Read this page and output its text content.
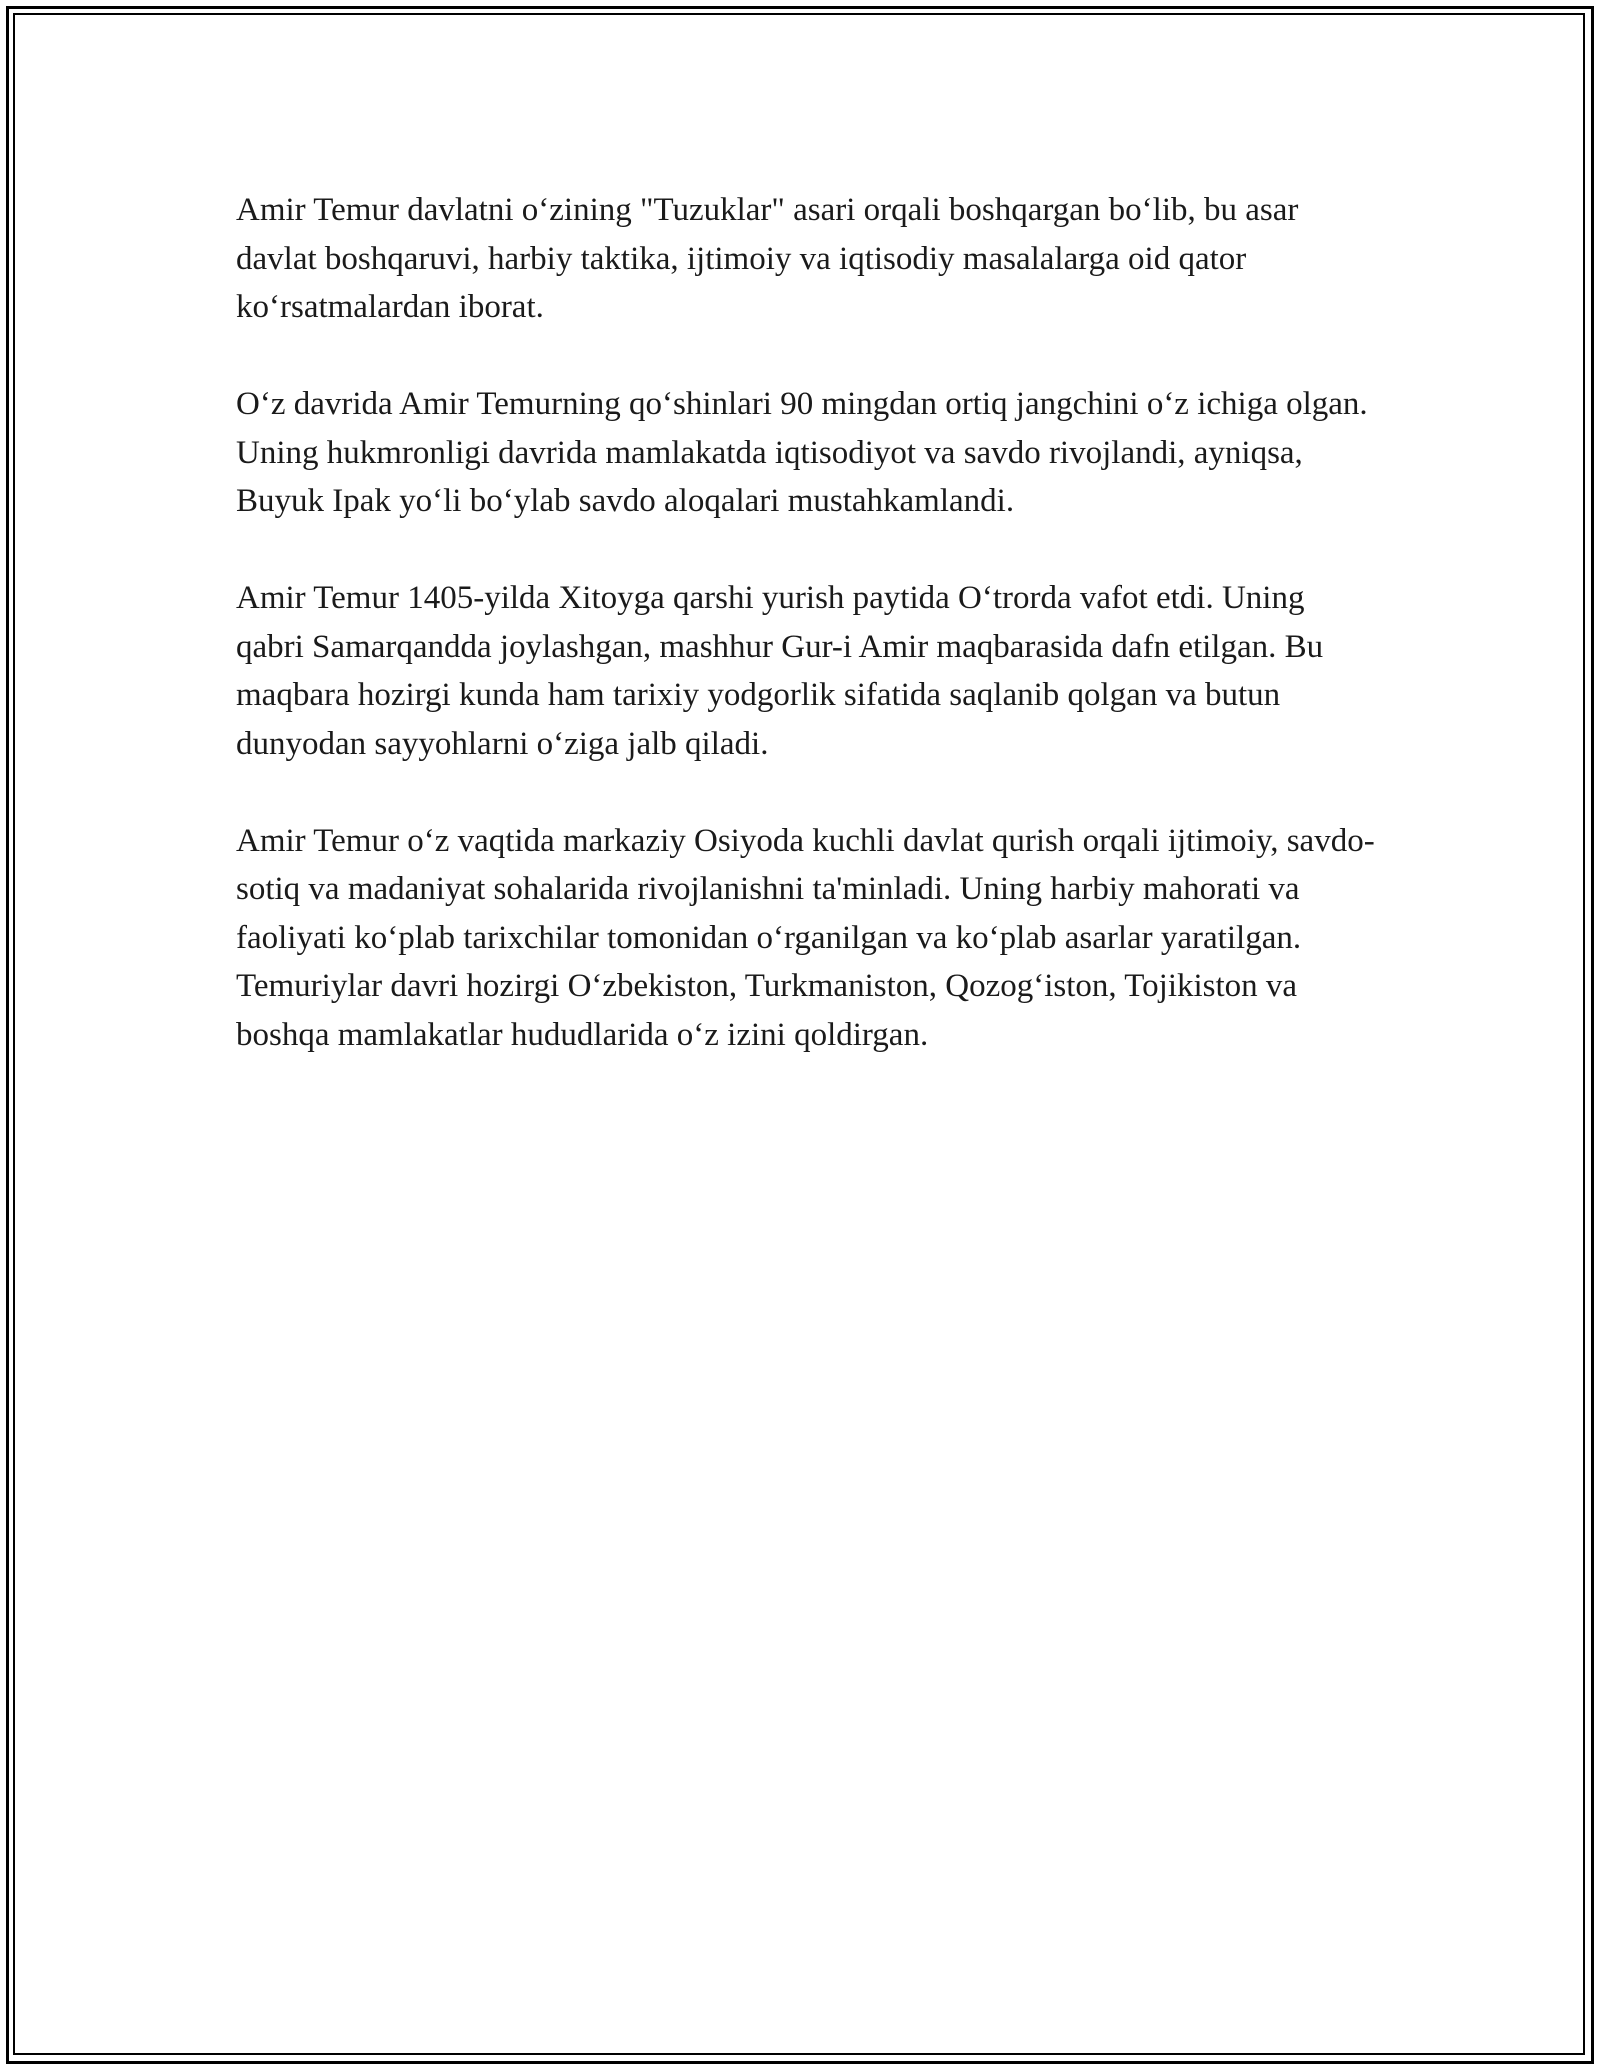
Amir Temur davlatni o‘zining "Tuzuklar" asari orqali boshqargan bo‘lib, bu asar davlat boshqaruvi, harbiy taktika, ijtimoiy va iqtisodiy masalalarga oid qator ko‘rsatmalardan iborat.

O‘z davrida Amir Temurning qo‘shinlari 90 mingdan ortiq jangchini o‘z ichiga olgan. Uning hukmronligi davrida mamlakatda iqtisodiyot va savdo rivojlandi, ayniqsa, Buyuk Ipak yo‘li bo‘ylab savdo aloqalari mustahkamlandi.

Amir Temur 1405-yilda Xitoyga qarshi yurish paytida O‘trorda vafot etdi. Uning qabri Samarqandda joylashgan, mashhur Gur-i Amir maqbarasida dafn etilgan. Bu maqbara hozirgi kunda ham tarixiy yodgorlik sifatida saqlanib qolgan va butun dunyodan sayyohlarni o‘ziga jalb qiladi.

Amir Temur o‘z vaqtida markaziy Osiyoda kuchli davlat qurish orqali ijtimoiy, savdo-sotiq va madaniyat sohalarida rivojlanishni ta'minladi. Uning harbiy mahorati va faoliyati ko‘plab tarixchilar tomonidan o‘rganilgan va ko‘plab asarlar yaratilgan. Temuriylar davri hozirgi O‘zbekiston, Turkmaniston, Qozog‘iston, Tojikiston va boshqa mamlakatlar hududlarida o‘z izini qoldirgan.
